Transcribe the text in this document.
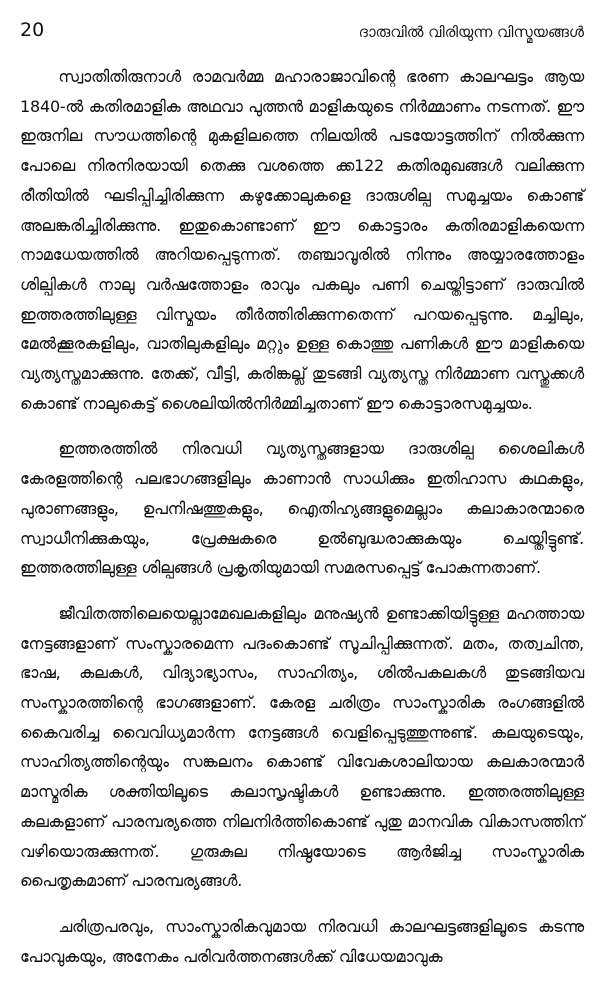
20	ദാരുവിൽ വിരിയുന്ന വിസ്മയങ്ങൾ

സ്വാതിതിരുനാൾ രാമവർമ്മ മഹാരാജാവിന്റെ ഭരണ കാലഘട്ടം ആയ 1840-ൽ കതിരമാളിക അഥവാ പുത്തൻ മാളികയുടെ നിർമ്മാണം നടന്നത്. ഈ ഇരുനില സൗധത്തിന്റെ മുകളിലത്തെ നിലയിൽ പടയോട്ടത്തിന് നിൽക്കുന്ന പോലെ നിരനിരയായി തെക്കു വശത്തെ ക്ക122 കതിരമുഖങ്ങൾ വലിക്കുന്ന രീതിയിൽ ഘടിപ്പിച്ചിരിക്കുന്ന കഴുക്കോലുകളെ ദാരുശില്പ സമുച്ചയം കൊണ്ട് അലങ്കരിച്ചിരിക്കുന്നു. ഇതുകൊണ്ടാണ് ഈ കൊട്ടാരം കതിരമാളികയെന്ന നാമധേയത്തിൽ അറിയപ്പെടുന്നത്. തഞ്ചാവൂരിൽ നിന്നും അയ്യാരത്തോളം ശില്പികൾ നാലു വർഷത്തോളം രാവും പകലും പണി ചെയ്തിട്ടാണ് ദാരുവിൽ ഇത്തരത്തിലുള്ള വിസ്മയം തീർത്തിരിക്കുന്നതെന്ന് പറയപ്പെടുന്നു. മച്ചിലും, മേൽക്കൂരകളിലും, വാതിലുകളിലും മറ്റും ഉള്ള കൊത്തു പണികൾ ഈ മാളികയെ വ്യത്യസ്തമാക്കുന്നു. തേക്ക്, വീട്ടി, കരിങ്കല്ല് തുടങ്ങി വ്യത്യസ്ത നിർമ്മാണ വസ്തുക്കൾ കൊണ്ട് നാലുകെട്ട് ശൈലിയിൽനിർമ്മിച്ചതാണ് ഈ കൊട്ടാരസമുച്ചയം.

ഇത്തരത്തിൽ നിരവധി വ്യത്യസ്തങ്ങളായ ദാരുശില്പ ശൈലികൾ കേരളത്തിന്റെ പലഭാഗങ്ങളിലും കാണാൻ സാധിക്കും ഇതിഹാസ കഥകളും, പുരാണങ്ങളും, ഉപനിഷത്തുകളും, ഐതിഹ്യങ്ങളുമെല്ലാം കലാകാരന്മാരെ സ്വാധീനിക്കുകയും, പ്രേക്ഷകരെ ഉൽബുദ്ധരാക്കുകയും ചെയ്തിട്ടുണ്ട്. ഇത്തരത്തിലുള്ള ശില്പങ്ങൾ പ്രകൃതിയുമായി സമരസപ്പെട്ട് പോകുന്നതാണ്.

ജീവിതത്തിലെയെല്ലാമേഖലകളിലും മനുഷ്യൻ ഉണ്ടാക്കിയിട്ടുള്ള മഹത്തായ നേട്ടങ്ങളാണ് സംസ്കാരമെന്ന പദംകൊണ്ട് സൂചിപ്പിക്കുന്നത്. മതം, തത്വചിന്ത, ഭാഷ, കലകൾ, വിദ്യാഭ്യാസം, സാഹിത്യം, ശിൽപകലകൾ തുടങ്ങിയവ സംസ്കാരത്തിന്റെ ഭാഗങ്ങളാണ്. കേരള ചരിത്രം സാംസ്കാരിക രംഗങ്ങളിൽ കൈവരിച്ച വൈവിധ്യമാർന്ന നേട്ടങ്ങൾ വെളിപ്പെടുത്തുന്നുണ്ട്. കലയുടെയും, സാഹിത്യത്തിന്റെയും സങ്കലനം കൊണ്ട് വിവേകശാലിയായ കലകാരന്മാർ മാസ്മരിക ശക്തിയിലൂടെ കലാസൃഷ്ടികൾ ഉണ്ടാക്കുന്നു. ഇത്തരത്തിലുള്ള കലകളാണ് പാരമ്പര്യത്തെ നിലനിർത്തികൊണ്ട് പുതു മാനവിക വികാസത്തിന് വഴിയൊരുക്കുന്നത്. ഗുരുകുല നിഷ്ഠയോടെ ആർജിച്ച സാംസ്കാരിക പൈതൃകമാണ് പാരമ്പര്യങ്ങൾ.

ചരിത്രപരവും, സാംസ്കാരികവുമായ നിരവധി കാലഘട്ടങ്ങളിലൂടെ കടന്നു പോവുകയും, അനേകം പരിവർത്തനങ്ങൾക്ക് വിധേയമാവുക
